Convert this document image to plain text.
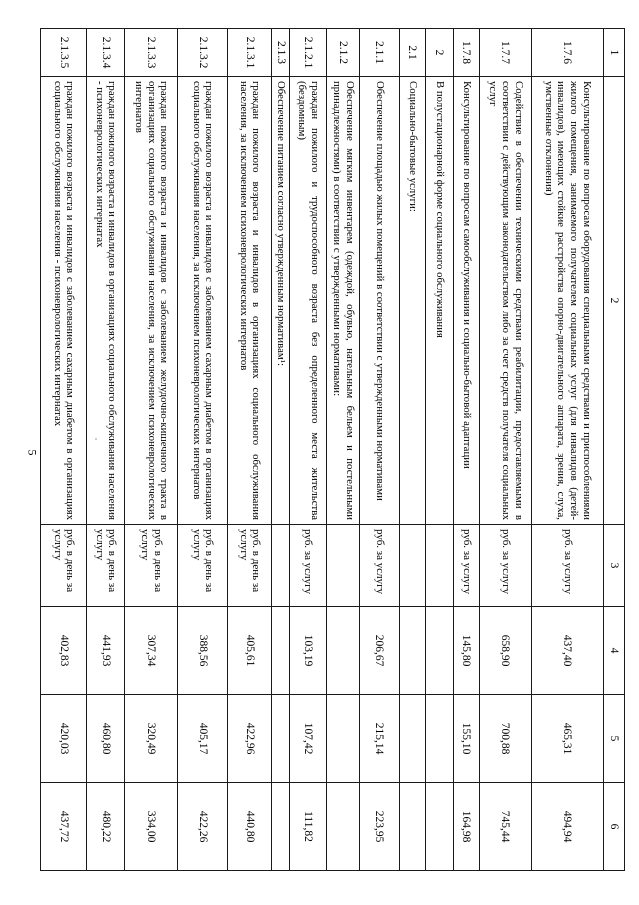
5
1	2	3	4	5	6
1.7.6	Консультирование по вопросам оборудования специальными средствами и приспособлениями жилого помещения, занимаемого получателем социальных услуг (для инвалидов (детей-инвалидов), имеющих стойкие расстройства опорно-двигательного аппарата, зрения, слуха, умственные отклонения)	руб. за услугу	437,40	465,31	494,94
1.7.7	Содействие в обеспечении техническими средствами реабилитации, предоставляемыми в соответствии с действующим законодательством либо за счет средств получателя социальных услуг	руб. за услугу	658,90	700,88	745,44
1.7.8	Консультирование по вопросам самообслуживания и социально-бытовой адаптации	руб. за услугу	145,80	155,10	164,98
2	В полустационарной форме социального обслуживания				
2.1	Социально-бытовые услуги:				
2.1.1	Обеспечение площадью жилых помещений в соответствии с утвержденными нормативами	руб. за услугу	206,67	215,14	223,95
2.1.2	Обеспечение мягким инвентарем (одеждой, обувью, нательным бельем и постельными принадлежностями) в соответствии с утвержденными нормативами:				
2.1.2.1	граждан пожилого и трудоспособного возраста без определенного места жительства (бездомным)	руб. за услугу	103,19	107,42	111,82
2.1.3	Обеспечение питанием согласно утвержденным нормативам¹:				
2.1.3.1	граждан пожилого возраста и инвалидов в организациях социального обслуживания населения, за исключением психоневрологических интернатов	руб. в день за услугу	405,61	422,96	440,80
2.1.3.2	граждан пожилого возраста и инвалидов с заболеванием сахарным диабетом в организациях социального обслуживания населения, за исключением психоневрологических интернатов	руб. в день за услугу	388,56	405,17	422,26
2.1.3.3	граждан пожилого возраста и инвалидов с заболеванием желудочно-кишечного тракта в организациях социального обслуживания населения, за исключением психоневрологических интернатов	руб. в день за услугу	307,34	320,49	334,00
2.1.3.4	граждан пожилого возраста и инвалидов в организациях социального обслуживания населения - психоневрологических интернатах	руб. в день за услугу	441,93	460,80	480,22
2.1.3.5	граждан пожилого возраста и инвалидов с заболеванием сахарным диабетом в организациях социального обслуживания населения - психоневрологических интернатах	руб. в день за услугу	402,83	420,03	437,72
